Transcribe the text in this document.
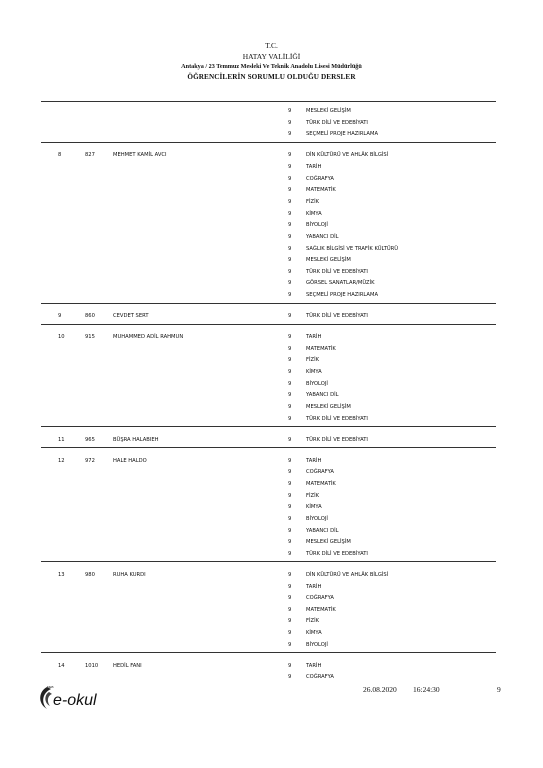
T.C.
HATAY VALİLİĞİ
Antakya / 23 Temmuz Mesleki Ve Teknik Anadolu Lisesi Müdürlüğü
ÖĞRENCİLERİN SORUMLU OLDUĞU DERSLER
9	MESLEKİ GELİŞİM
9	TÜRK DİLİ VE EDEBİYATI
9	SEÇMELİ PROJE HAZIRLAMA
8	827	MEHMET KAMİL AVCI	9	DİN KÜLTÜRÜ VE AHLÂK BİLGİSİ
9	TARİH
9	COĞRAFYA
9	MATEMATİK
9	FİZİK
9	KİMYA
9	BİYOLOJİ
9	YABANCI DİL
9	SAĞLIK BİLGİSİ VE TRAFİK KÜLTÜRÜ
9	MESLEKİ GELİŞİM
9	TÜRK DİLİ VE EDEBİYATI
9	GÖRSEL SANATLAR/MÜZİK
9	SEÇMELİ PROJE HAZIRLAMA
9	860	CEVDET SERT	9	TÜRK DİLİ VE EDEBİYATI
10	915	MUHAMMED ADİL RAHMUN	9	TARİH
9	MATEMATİK
9	FİZİK
9	KİMYA
9	BİYOLOJİ
9	YABANCI DİL
9	MESLEKİ GELİŞİM
9	TÜRK DİLİ VE EDEBİYATI
11	965	BÜŞRA HALABIEH	9	TÜRK DİLİ VE EDEBİYATI
12	972	HALE HALDO	9	TARİH
9	COĞRAFYA
9	MATEMATİK
9	FİZİK
9	KİMYA
9	BİYOLOJİ
9	YABANCI DİL
9	MESLEKİ GELİŞİM
9	TÜRK DİLİ VE EDEBİYATI
13	980	RUHA KURDI	9	DİN KÜLTÜRÜ VE AHLÂK BİLGİSİ
9	TARİH
9	COĞRAFYA
9	MATEMATİK
9	FİZİK
9	KİMYA
9	BİYOLOJİ
14	1010	HEDİL FANI	9	TARİH
9	COĞRAFYA
MEB
e-okul
26.08.2020 16:24:30	9
